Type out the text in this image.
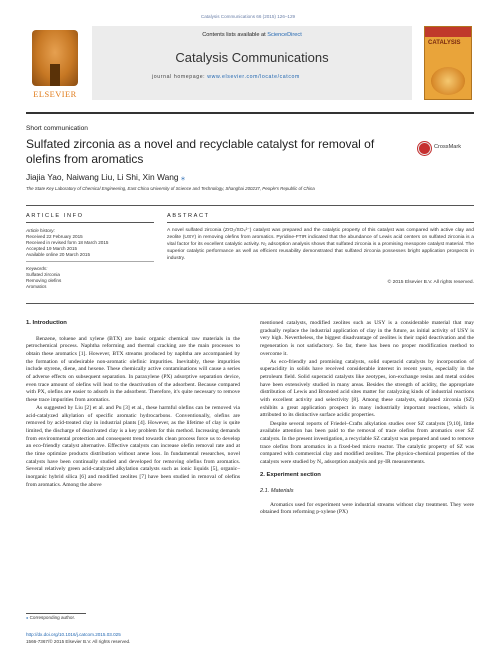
Catalysis Communications 66 (2015) 126–129
ELSEVIER
Contents lists available at ScienceDirect
Catalysis Communications
CATALYSIS
journal homepage: www.elsevier.com/locate/catcom
Short communication
Sulfated zirconia as a novel and recyclable catalyst for removal of olefins from aromatics
CrossMark
Jiajia Yao, Naiwang Liu, Li Shi, Xin Wang ⁎
The State Key Laboratory of Chemical Engineering, East China University of Science and Technology, Shanghai 200237, People's Republic of China
ARTICLE INFO	ABSTRACT
Article history:
Received 22 February 2015
Received in revised form 18 March 2015
Accepted 19 March 2015
Available online 20 March 2015
Keywords:
Sulfated zirconia
Removing olefins
Aromatics
A novel sulfated zirconia (ZrO₂/SO₄²⁻) catalyst was prepared and the catalytic property of this catalyst was compared with active clay and zeolite (USY) in removing olefins from aromatics. Pyridine-FTIR indicated that the abundance of Lewis acid centers on sulfated zirconia is a vital factor for its excellent catalytic activity. N₂ adsorption analysis shows that sulfated zirconia is a promising mesopore catalyst material. The superior catalytic performance as well as efficient reusability demonstrated that sulfated zirconia possesses bright application prospects in industry.
© 2015 Elsevier B.V. All rights reserved.
1. Introduction

Benzene, toluene and xylene (BTX) are basic organic chemical raw materials in the petrochemical process. Naphtha reforming and thermal cracking are the main processes to obtain these aromatics [1]. However, BTX streams produced by naphtha are accompanied by the formation of undesirable non-aromatic olefinic impurities. Inevitably, these impurities include styrene, diene, and hexene. These chemically active contaminations will cause a series of adverse effects on subsequent separation. In paraxylene (PX) adsorptive separation device, even trace amount of olefins will lead to the deactivation of the adsorbent. Because compared with PX, olefins are easier to adsorb in the adsorbent. Therefore, it's quite necessary to remove these trace impurities from aromatics.

As suggested by Liu [2] et al. and Pu [3] et al., these harmful olefins can be removed via acid-catalyzed alkylation of specific aromatic hydrocarbons. Conventionally, olefins are removed by acid-treated clay in industrial plants [4]. However, as the lifetime of clay is quite limited, the discharge of deactivated clay is a key problem for this method. Increasing demands from environmental protection and consequent trend towards clean process force us to develop an eco-friendly catalyst alternative. Effective catalysts can increase olefin removal rate and at the time optimize products distribution without arene loss. In fundamental researches, novel catalysts have been continually studied and developed for removing olefins from aromatics. Several relatively green acid-catalyzed alkylation catalysts such as ionic liquids [5], organic–inorganic hybrid silica [6] and modified zeolites [7] have been studied in removal of olefins from aromatics. Among the above

mentioned catalysts, modified zeolites such as USY is a considerable material that may gradually replace the industrial application of clay in the future, as initial activity of USY is very high. Nevertheless, the biggest disadvantage of zeolites is their rapid deactivation and the regeneration is not satisfactory. So far, there has been no proper modification method to overcome it.

As eco-friendly and promising catalysts, solid superacid catalysts by incorporation of superacidity in solids have received considerable interest in recent years, especially in the petroleum field. Solid superacid catalysts like zeotypes, ion-exchange resins and metal oxides have been extensively studied in many areas. Besides the strength of acidity, the appropriate distribution of Lewis and Bronsted acid sites matter for catalyzing kinds of industrial reactions with excellent activity and selectivity [8]. Among these catalysts, sulphated zirconia (SZ) exhibits a great application prospect in many industrially important reactions, which is attributed to its distinctive surface acidic properties.

Despite several reports of Friedel–Crafts alkylation studies over SZ catalysts [9,10], little available attention has been paid to the removal of trace olefins from aromatics over SZ catalysts. In the present investigation, a recyclable SZ catalyst was prepared and used to remove trace olefins from aromatics in a fixed-bed micro reactor. The catalytic property of SZ was compared with commercial clay and modified zeolites. The physico-chemical properties of the catalysts were studied by N₂ adsorption analysis and py-IR measurements.

2. Experiment section
2.1. Materials

Aromatics used for experiment were industrial streams without clay treatment. They were obtained from reforming p-xylene (PX)

⁎ Corresponding author.
http://dx.doi.org/10.1016/j.catcom.2015.03.025
1566-7367/© 2015 Elsevier B.V. All rights reserved.
